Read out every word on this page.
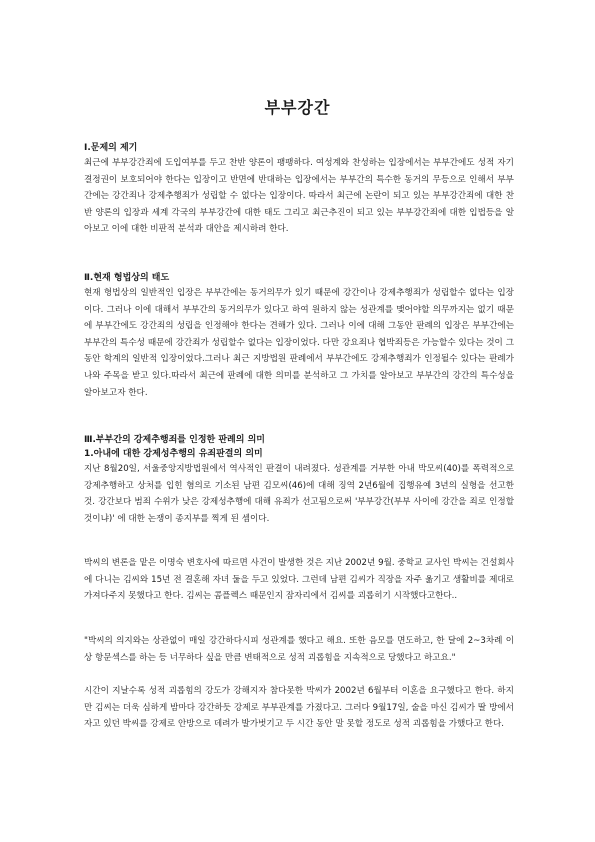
부부강간
Ⅰ.문제의 제기

최근에 부부강간죄에 도입여부를 두고 찬반 양론이 팽팽하다. 여성계와 찬성하는 입장에서는 부부간에도 성적 자기결정권이 보호되어야 한다는 입장이고 반면에 반대하는 입장에서는 부부간의 특수한 동거의 무등으로 인해서 부부간에는 강간죄나 강제추행죄가 성립할 수 없다는 입장이다. 따라서 최근에 논란이 되고 있는 부부강간죄에 대한 찬반 양론의 입장과 세계 각국의 부부강간에 대한 태도 그리고 최근추진이 되고 있는 부부강간죄에 대한 입법등을 알아보고 이에 대한 비판적 분석과 대안을 제시하려 한다.

Ⅱ.현재 형법상의 태도

현재 형법상의 일반적인 입장은 부부간에는 동거의무가 있기 때문에 강간이나 강제추행죄가 성립할수 없다는 입장이다. 그러나 이에 대해서 부부간의 동거의무가 있다고 하여 원하지 않는 성관계를 맺어야할 의무까지는 없기 때문에 부부간에도 강간죄의 성립을 인정해야 한다는 견해가 있다. 그러나 이에 대해 그동안 판례의 입장은 부부간에는 부부간의 특수성 때문에 강간죄가 성립할수 없다는 입장이었다. 다만 강요죄나 협박죄등은 가능할수 있다는 것이 그동안 학계의 일반적 입장이었다.그러나 최근 지방법원 판례에서 부부간에도 강제추행죄가 인정될수 있다는 판례가 나와 주목을 받고 있다.따라서 최근에 판례에 대한 의미를 분석하고 그 가치를 알아보고 부부간의 강간의 특수성을 알아보고자 한다.

Ⅲ.부부간의 강제추행죄를 인정한 판례의 의미
1.아내에 대한 강제성추행의 유죄판결의 의미

지난 8월20일, 서울중앙지방법원에서 역사적인 판결이 내려졌다. 성관계를 거부한 아내 박모씨(40)를 폭력적으로 강제추행하고 상처를 입힌 혐의로 기소된 남편 김모씨(46)에 대해 징역 2년6월에 집행유예 3년의 실형을 선고한 것. 강간보다 범죄 수위가 낮은 강제성추행에 대해 유죄가 선고됨으로써 '부부강간(부부 사이에 강간을 죄로 인정할 것이냐)' 에 대한 논쟁이 종지부를 찍게 된 셈이다.

박씨의 변론을 맡은 이명숙 변호사에 따르면 사건이 발생한 것은 지난 2002년 9월. 중학교 교사인 박씨는 건설회사에 다니는 김씨와 15년 전 결혼해 자녀 둘을 두고 있었다. 그런데 남편 김씨가 직장을 자주 옮기고 생활비를 제대로 가져다주지 못했다고 한다. 김씨는 콤플렉스 때문인지 잠자리에서 김씨를 괴롭히기 시작했다고한다..

"박씨의 의지와는 상관없이 매일 강간하다시피 성관계를 했다고 해요. 또한 음모를 면도하고, 한 달에 2~3차례 이상 항문섹스를 하는 등 너무하다 싶을 만큼 변태적으로 성적 괴롭힘을 지속적으로 당했다고 하고요."

시간이 지날수록 성적 괴롭힘의 강도가 강해지자 참다못한 박씨가 2002년 6월부터 이혼을 요구했다고 한다. 하지만 김씨는 더욱 심하게 밤마다 강간하듯 강제로 부부관계를 가졌다고. 그러다 9월17일, 술을 마신 김씨가 딸 방에서 자고 있던 박씨를 강제로 안방으로 데려가 발가벗기고 두 시간 동안 말 못할 정도로 성적 괴롭힘을 가했다고 한다.
